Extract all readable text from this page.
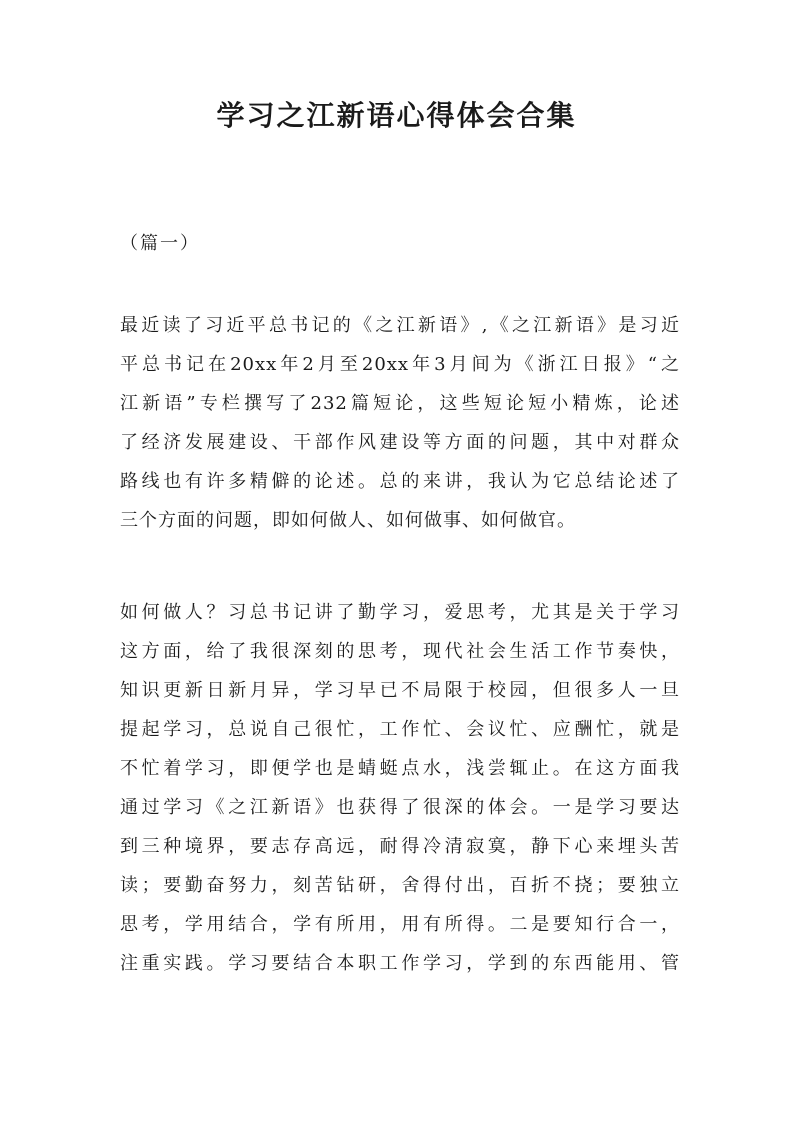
学习之江新语心得体会合集
（篇一）
最近读了习近平总书记的《之江新语》,《之江新语》是习近
平总书记在20xx年2月至20xx年3月间为《浙江日报》“之
江新语”专栏撰写了232篇短论，这些短论短小精炼，论述
了经济发展建设、干部作风建设等方面的问题，其中对群众
路线也有许多精僻的论述。总的来讲，我认为它总结论述了
三个方面的问题，即如何做人、如何做事、如何做官。
如何做人？习总书记讲了勤学习，爱思考，尤其是关于学习
这方面，给了我很深刻的思考，现代社会生活工作节奏快，
知识更新日新月异，学习早已不局限于校园，但很多人一旦
提起学习，总说自己很忙，工作忙、会议忙、应酬忙，就是
不忙着学习，即便学也是蜻蜓点水，浅尝辄止。在这方面我
通过学习《之江新语》也获得了很深的体会。一是学习要达
到三种境界，要志存高远，耐得冷清寂寞，静下心来埋头苦
读；要勤奋努力，刻苦钻研，舍得付出，百折不挠；要独立
思考，学用结合，学有所用，用有所得。二是要知行合一，
注重实践。学习要结合本职工作学习，学到的东西能用、管
